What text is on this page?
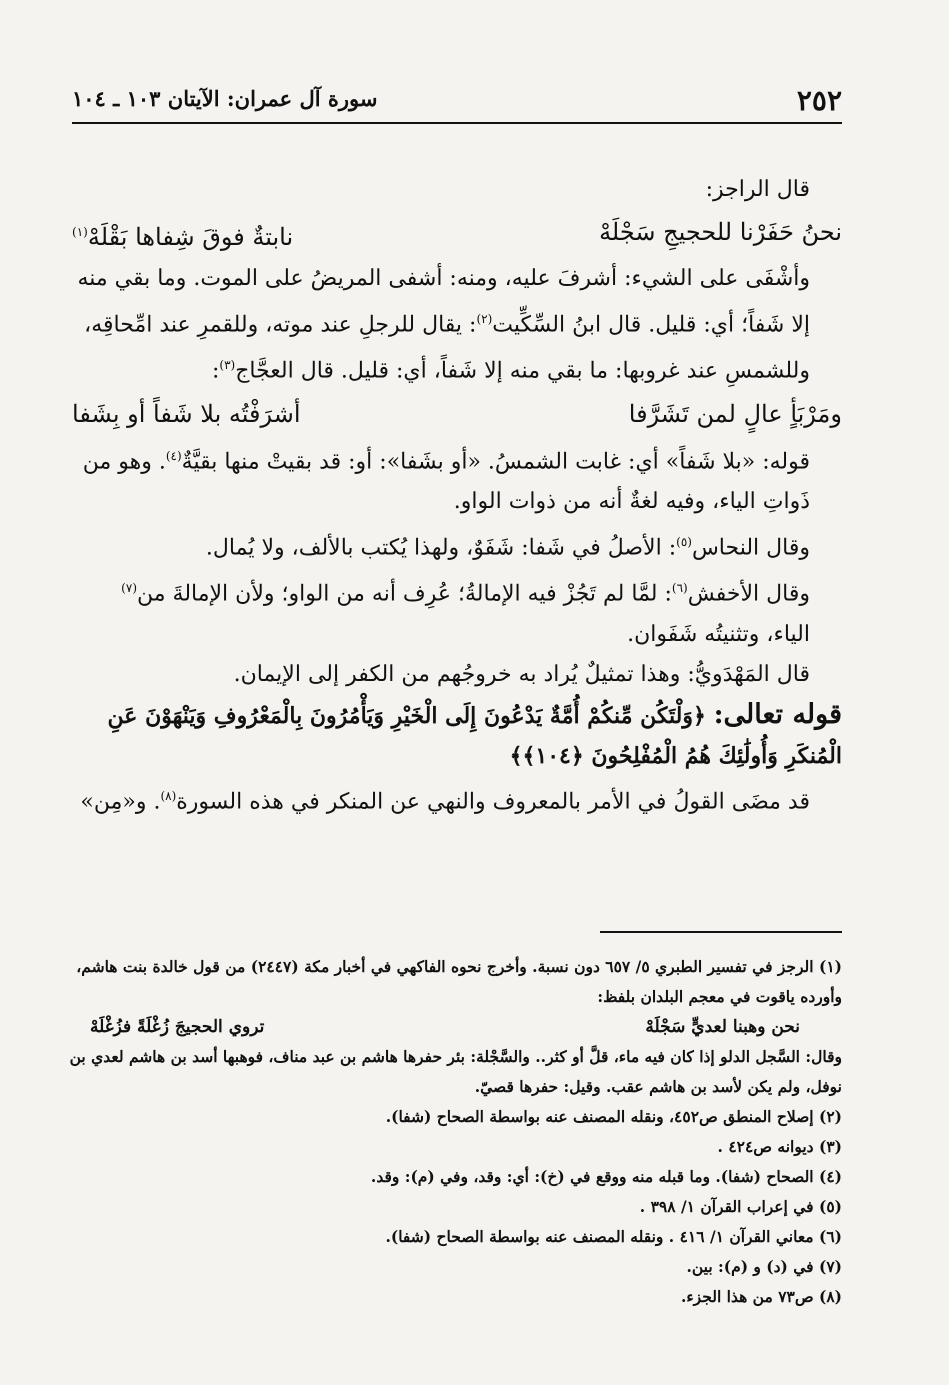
٢٥٢
سورة آل عمران: الآيتان ١٠٣ ـ ١٠٤

قال الراجز:

نحنُ حَفَرْنا للحجيجِ سَجْلَهْ
نابتةٌ فوقَ شِفاها بَقْلَهْ$^{(١)}$

وأشْفَى على الشيء: أشرفَ عليه، ومنه: أشفى المريضُ على الموت. وما بقي منه إلا شَفاً؛ أي: قليل. قال ابنُ السِّكِّيت$^{(٢)}$: يقال للرجلِ عند موته، وللقمرِ عند امِّحاقِه، وللشمسِ عند غروبها: ما بقي منه إلا شَفاً، أي: قليل. قال العجَّاج$^{(٣)}$:

ومَرْبَأٍ عالٍ لمن تَشَرَّفا
أشرَفْتُه بلا شَفاً أو بِشَفا

قوله: «بلا شَفاً» أي: غابت الشمسُ. «أو بشَفا»: أو: قد بقيتْ منها بقيَّةٌ$^{(٤)}$. وهو من ذَواتِ الياء، وفيه لغةٌ أنه من ذوات الواو.

وقال النحاس$^{(٥)}$: الأصلُ في شَفا: شَفَوٌ، ولهذا يُكتب بالألف، ولا يُمال.

وقال الأخفش$^{(٦)}$: لمَّا لم تَجُزْ فيه الإمالةُ؛ عُرِف أنه من الواو؛ ولأن الإمالةَ من$^{(٧)}$ الياء، وتثنيتُه شَفَوان.

قال المَهْدَويُّ: وهذا تمثيلٌ يُراد به خروجُهم من الكفر إلى الإيمان.

قوله تعالى: ﴿وَلْتَكُن مِّنكُمْ أُمَّةٌ يَدْعُونَ إِلَى الْخَيْرِ وَيَأْمُرُونَ بِالْمَعْرُوفِ وَيَنْهَوْنَ عَنِ الْمُنكَرِ وَأُولَٰئِكَ هُمُ الْمُفْلِحُونَ ﴿١٠٤﴾﴾

قد مضَى القولُ في الأمر بالمعروف والنهي عن المنكر في هذه السورة$^{(٨)}$. و«مِن»

(١) الرجز في تفسير الطبري ٥/ ٦٥٧ دون نسبة. وأخرج نحوه الفاكهي في أخبار مكة (٢٤٤٧) من قول خالدة بنت هاشم، وأورده ياقوت في معجم البلدان بلفظ:
نحن وهبنا لعديٍّ سَجْلَهْ
تروي الحجيجَ زُغْلَةً فزُغْلَهْ
وقال: السَّجل الدلو إذا كان فيه ماء، قلَّ أو كثر.. والسَّجْلة: بئر حفرها هاشم بن عبد مناف، فوهبها أسد بن هاشم لعدي بن نوفل، ولم يكن لأسد بن هاشم عقب. وقيل: حفرها قصيّ.
(٢) إصلاح المنطق ص٤٥٢، ونقله المصنف عنه بواسطة الصحاح (شفا).
(٣) ديوانه ص٤٢٤ .
(٤) الصحاح (شفا). وما قبله منه ووقع في (خ): أي: وقد، وفي (م): وقد.
(٥) في إعراب القرآن ١/ ٣٩٨ .
(٦) معاني القرآن ١/ ٤١٦ . ونقله المصنف عنه بواسطة الصحاح (شفا).
(٧) في (د) و (م): بين.
(٨) ص٧٣ من هذا الجزء.
